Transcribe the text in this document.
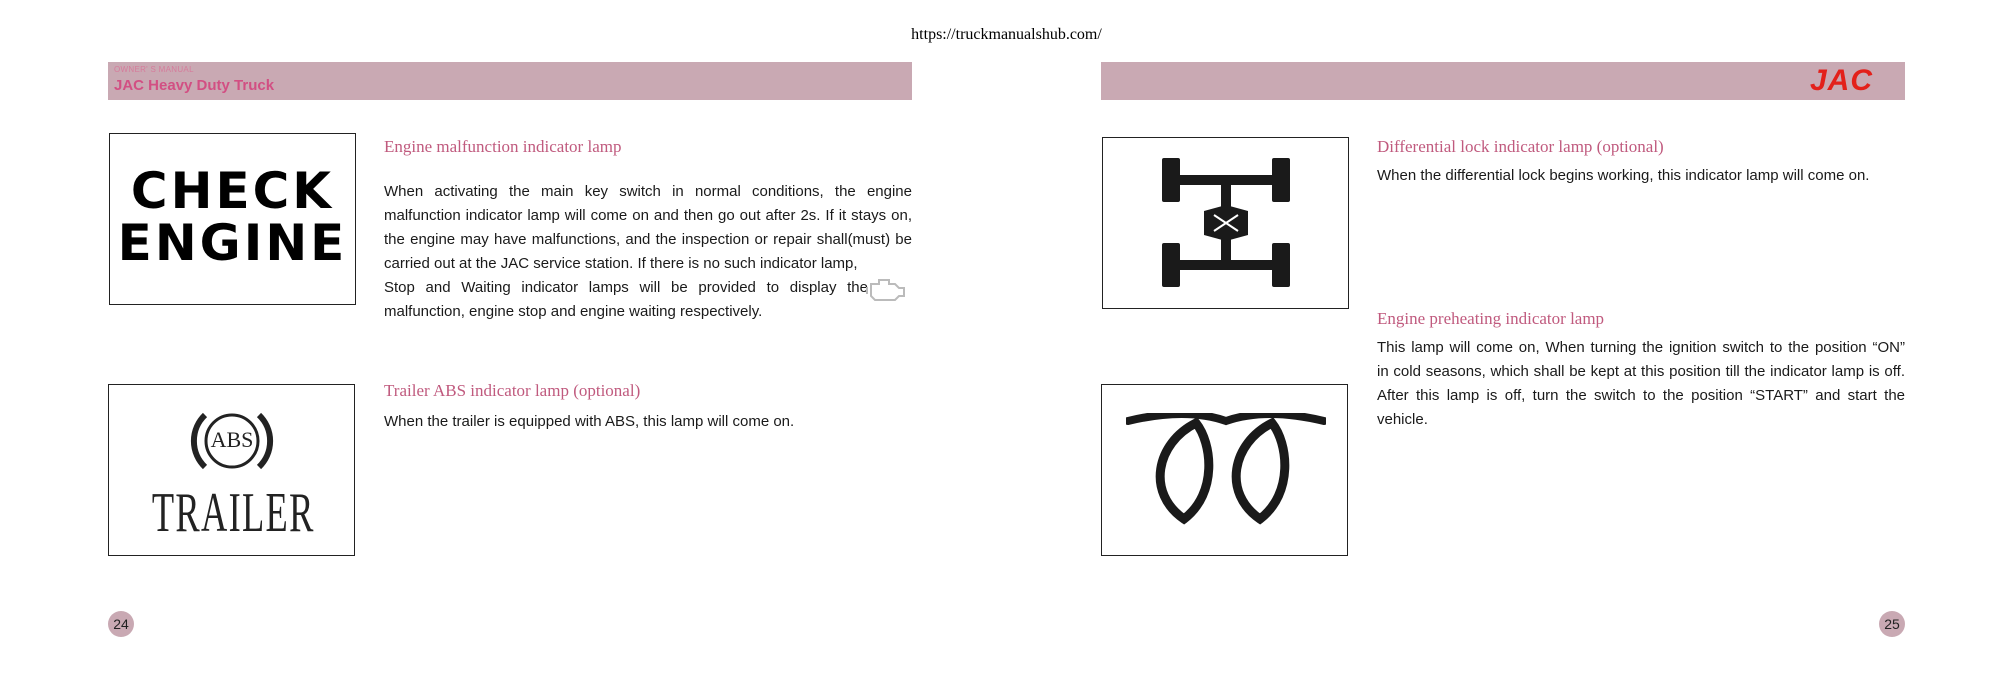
https://truckmanualshub.com/
OWNER' S MANUAL
JAC Heavy Duty Truck	JAC
CHECK
ENGINE
Engine malfunction indicator lamp
When activating the main key switch in normal conditions, the engine
malfunction indicator lamp will come on and then go out after 2s. If it stays on,
the engine may have malfunctions, and the inspection or repair shall(must) be
carried out at the JAC service station. If there is no such indicator lamp,
Stop and Waiting indicator lamps will be provided to display the
malfunction, engine stop and engine waiting respectively.
ABS
TRAILER
Trailer ABS indicator lamp (optional)
When the trailer is equipped with ABS, this lamp will come on.
24
Differential lock indicator lamp (optional)
When the differential lock begins working, this indicator lamp will come on.
Engine preheating indicator lamp
This lamp will come on, When turning the ignition switch to the position “ON”
in cold seasons, which shall be kept at this position till the indicator lamp is off.
After this lamp is off, turn the switch to the position “START” and start the
vehicle.
25
